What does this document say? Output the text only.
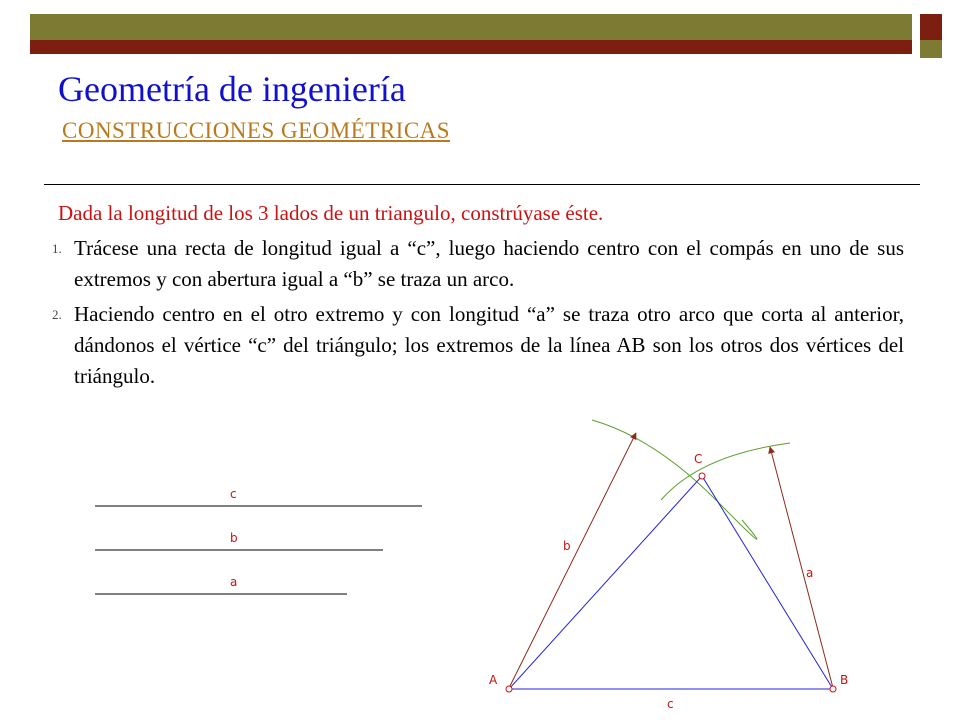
Geometría de ingeniería
CONSTRUCCIONES GEOMÉTRICAS

Dada la longitud de los 3 lados de un triangulo, constrúyase éste.

1. Trácese una recta de longitud igual a “c”, luego haciendo centro con el compás en uno de sus extremos y con abertura igual a “b” se traza un arco.
2. Haciendo centro en el otro extremo y con longitud “a” se traza otro arco que corta al anterior, dándonos el vértice “c” del triángulo; los extremos de la línea AB son los otros dos vértices del triángulo.
c
b
a
A	B
C
b
a
c
